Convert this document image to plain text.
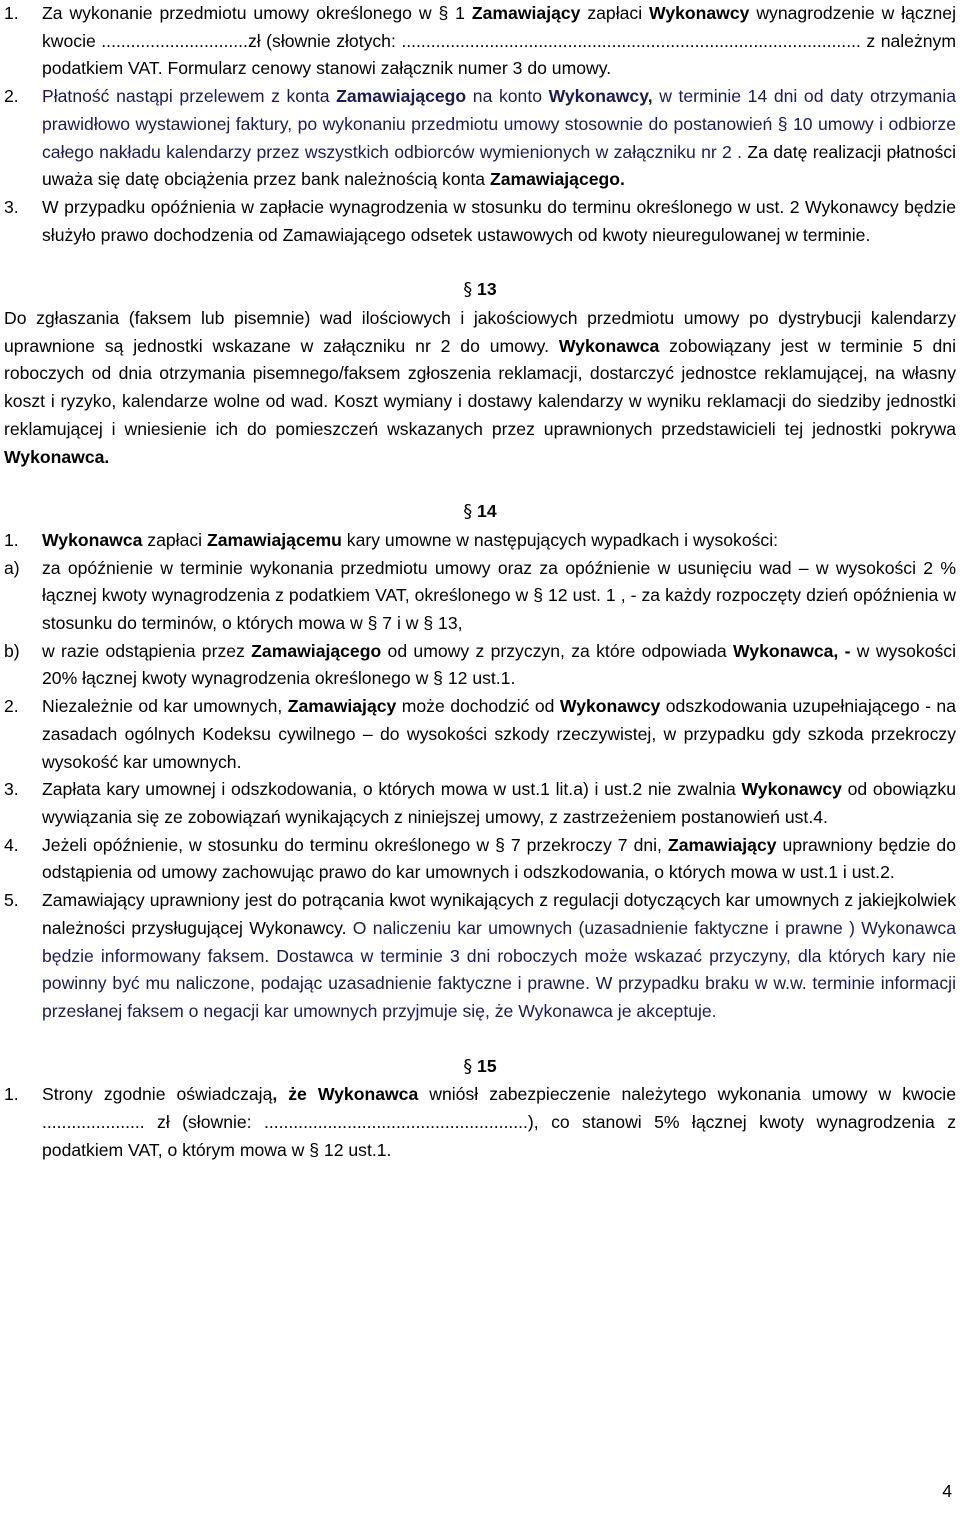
1.	Za wykonanie przedmiotu umowy określonego w § 1 Zamawiający zapłaci Wykonawcy wynagrodzenie w łącznej kwocie ..............................zł (słownie złotych: .............................................................................................. z należnym podatkiem VAT. Formularz cenowy stanowi załącznik numer 3 do umowy.
2.	Płatność nastąpi przelewem z konta Zamawiającego na konto Wykonawcy, w terminie 14 dni od daty otrzymania prawidłowo wystawionej faktury, po wykonaniu przedmiotu umowy stosownie do postanowień § 10 umowy i odbiorze całego nakładu kalendarzy przez wszystkich odbiorców wymienionych w załączniku nr 2 . Za datę realizacji płatności uważa się datę obciążenia przez bank należnością konta Zamawiającego.
3.	W przypadku opóźnienia w zapłacie wynagrodzenia w stosunku do terminu określonego w ust. 2 Wykonawcy będzie służyło prawo dochodzenia od Zamawiającego odsetek ustawowych od kwoty nieuregulowanej w terminie.

§ 13

Do zgłaszania (faksem lub pisemnie) wad ilościowych i jakościowych przedmiotu umowy po dystrybucji kalendarzy uprawnione są jednostki wskazane w załączniku nr 2 do umowy. Wykonawca zobowiązany jest w terminie 5 dni roboczych od dnia otrzymania pisemnego/faksem zgłoszenia reklamacji, dostarczyć jednostce reklamującej, na własny koszt i ryzyko, kalendarze wolne od wad. Koszt wymiany i dostawy kalendarzy w wyniku reklamacji do siedziby jednostki reklamującej i wniesienie ich do pomieszczeń wskazanych przez uprawnionych przedstawicieli tej jednostki pokrywa Wykonawca.

§ 14

1.	Wykonawca zapłaci Zamawiającemu kary umowne w następujących wypadkach i wysokości:
a)	za opóźnienie w terminie wykonania przedmiotu umowy oraz za opóźnienie w usunięciu wad – w wysokości 2 % łącznej kwoty wynagrodzenia z podatkiem VAT, określonego w § 12 ust. 1 , - za każdy rozpoczęty dzień opóźnienia w stosunku do terminów, o których mowa w § 7 i w § 13,
b)	w razie odstąpienia przez Zamawiającego od umowy z przyczyn, za które odpowiada Wykonawca, - w wysokości 20% łącznej kwoty wynagrodzenia określonego w § 12 ust.1.
2.	Niezależnie od kar umownych, Zamawiający może dochodzić od Wykonawcy odszkodowania uzupełniającego - na zasadach ogólnych Kodeksu cywilnego – do wysokości szkody rzeczywistej, w przypadku gdy szkoda przekroczy wysokość kar umownych.
3.	Zapłata kary umownej i odszkodowania, o których mowa w ust.1 lit.a) i ust.2 nie zwalnia Wykonawcy od obowiązku wywiązania się ze zobowiązań wynikających z niniejszej umowy, z zastrzeżeniem postanowień ust.4.
4.	Jeżeli opóźnienie, w stosunku do terminu określonego w § 7 przekroczy 7 dni, Zamawiający uprawniony będzie do odstąpienia od umowy zachowując prawo do kar umownych i odszkodowania, o których mowa w ust.1 i ust.2.
5.	Zamawiający uprawniony jest do potrącania kwot wynikających z regulacji dotyczących kar umownych z jakiejkolwiek należności przysługującej Wykonawcy. O naliczeniu kar umownych (uzasadnienie faktyczne i prawne ) Wykonawca będzie informowany faksem. Dostawca w terminie 3 dni roboczych może wskazać przyczyny, dla których kary nie powinny być mu naliczone, podając uzasadnienie faktyczne i prawne. W przypadku braku w w.w. terminie informacji przesłanej faksem o negacji kar umownych przyjmuje się, że Wykonawca je akceptuje.

§ 15

1.	Strony zgodnie oświadczają, że Wykonawca wniósł zabezpieczenie należytego wykonania umowy w kwocie ..................... zł (słownie: ......................................................), co stanowi 5% łącznej kwoty wynagrodzenia z podatkiem VAT, o którym mowa w § 12 ust.1.
4
